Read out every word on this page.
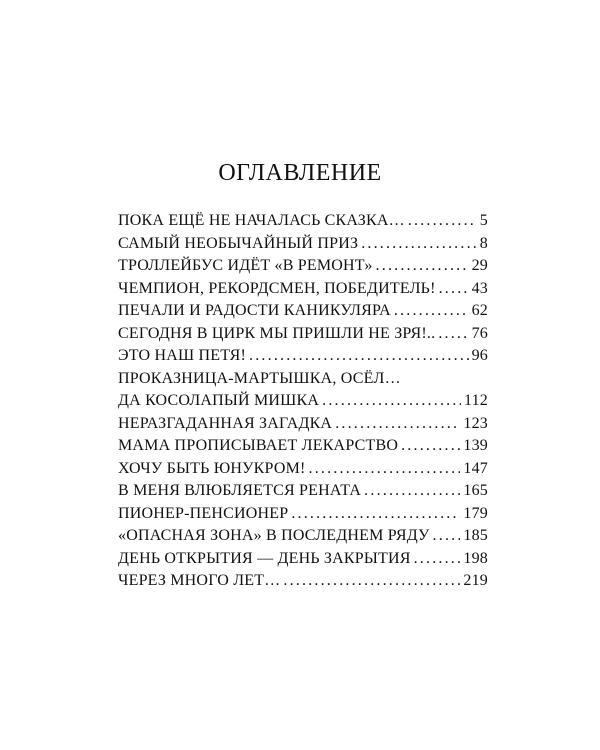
ОГЛАВЛЕНИЕ
ПОКА ЕЩЁ НЕ НАЧАЛАСЬ СКАЗКА… .....	5
САМЫЙ НЕОБЫЧАЙНЫЙ ПРИЗ .....	8
ТРОЛЛЕЙБУС ИДЁТ «В РЕМОНТ» .....	29
ЧЕМПИОН, РЕКОРДСМЕН, ПОБЕДИТЕЛЬ! ..... 43
ПЕЧАЛИ И РАДОСТИ КАНИКУЛЯРА .....	62
СЕГОДНЯ В ЦИРК МЫ ПРИШЛИ НЕ ЗРЯ!.. ..... 76
ЭТО НАШ ПЕТЯ! .....	96
ПРОКАЗНИЦА-МАРТЫШКА, ОСЁЛ…
ДА КОСОЛАПЫЙ МИШКА .....	112
НЕРАЗГАДАННАЯ ЗАГАДКА .....	123
МАМА ПРОПИСЫВАЕТ ЛЕКАРСТВО .....	139
ХОЧУ БЫТЬ ЮНУКРОМ! .....	147
В МЕНЯ ВЛЮБЛЯЕТСЯ РЕНАТА .....	165
ПИОНЕР-ПЕНСИОНЕР .....	179
«ОПАСНАЯ ЗОНА» В ПОСЛЕДНЕМ РЯДУ ..... 185
ДЕНЬ ОТКРЫТИЯ — ДЕНЬ ЗАКРЫТИЯ .....	198
ЧЕРЕЗ МНОГО ЛЕТ… .....	219
